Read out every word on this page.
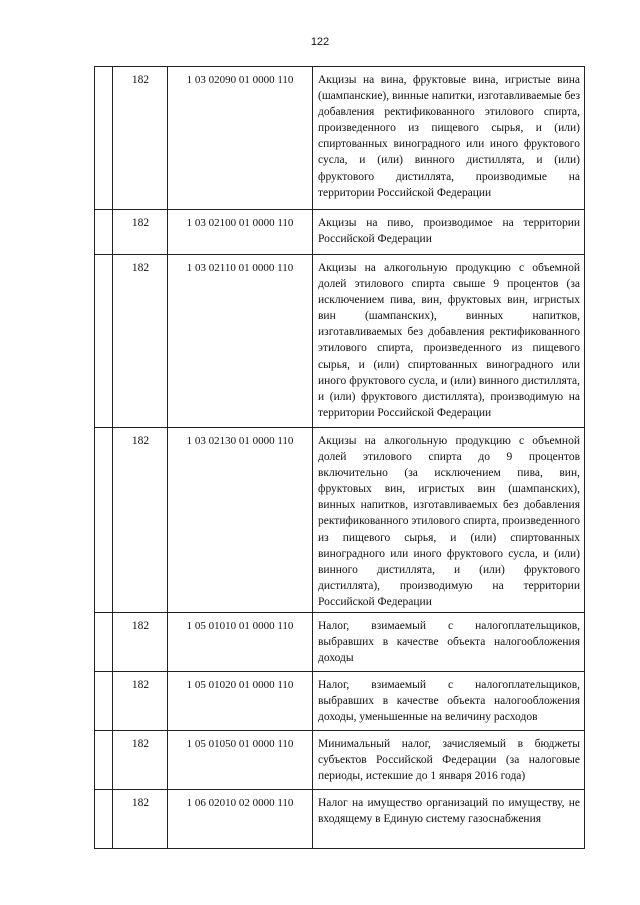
122
	182	1 03 02090 01 0000 110	Акцизы на вина, фруктовые вина, игристые вина (шампанские), винные напитки, изготавливаемые без добавления ректификованного этилового спирта, произведенного из пищевого сырья, и (или) спиртованных виноградного или иного фруктового сусла, и (или) винного дистиллята, и (или) фруктового дистиллята, производимые на территории Российской Федерации
	182	1 03 02100 01 0000 110	Акцизы на пиво, производимое на территории Российской Федерации
	182	1 03 02110 01 0000 110	Акцизы на алкогольную продукцию с объемной долей этилового спирта свыше 9 процентов (за исключением пива, вин, фруктовых вин, игристых вин (шампанских), винных напитков, изготавливаемых без добавления ректификованного этилового спирта, произведенного из пищевого сырья, и (или) спиртованных виноградного или иного фруктового сусла, и (или) винного дистиллята, и (или) фруктового дистиллята), производимую на территории Российской Федерации
	182	1 03 02130 01 0000 110	Акцизы на алкогольную продукцию с объемной долей этилового спирта до 9 процентов включительно (за исключением пива, вин, фруктовых вин, игристых вин (шампанских), винных напитков, изготавливаемых без добавления ректификованного этилового спирта, произведенного из пищевого сырья, и (или) спиртованных виноградного или иного фруктового сусла, и (или) винного дистиллята, и (или) фруктового дистиллята), производимую на территории Российской Федерации
	182	1 05 01010 01 0000 110	Налог, взимаемый с налогоплательщиков, выбравших в качестве объекта налогообложения доходы
	182	1 05 01020 01 0000 110	Налог, взимаемый с налогоплательщиков, выбравших в качестве объекта налогообложения доходы, уменьшенные на величину расходов
	182	1 05 01050 01 0000 110	Минимальный налог, зачисляемый в бюджеты субъектов Российской Федерации (за налоговые периоды, истекшие до 1 января 2016 года)
	182	1 06 02010 02 0000 110	Налог на имущество организаций по имуществу, не входящему в Единую систему газоснабжения
